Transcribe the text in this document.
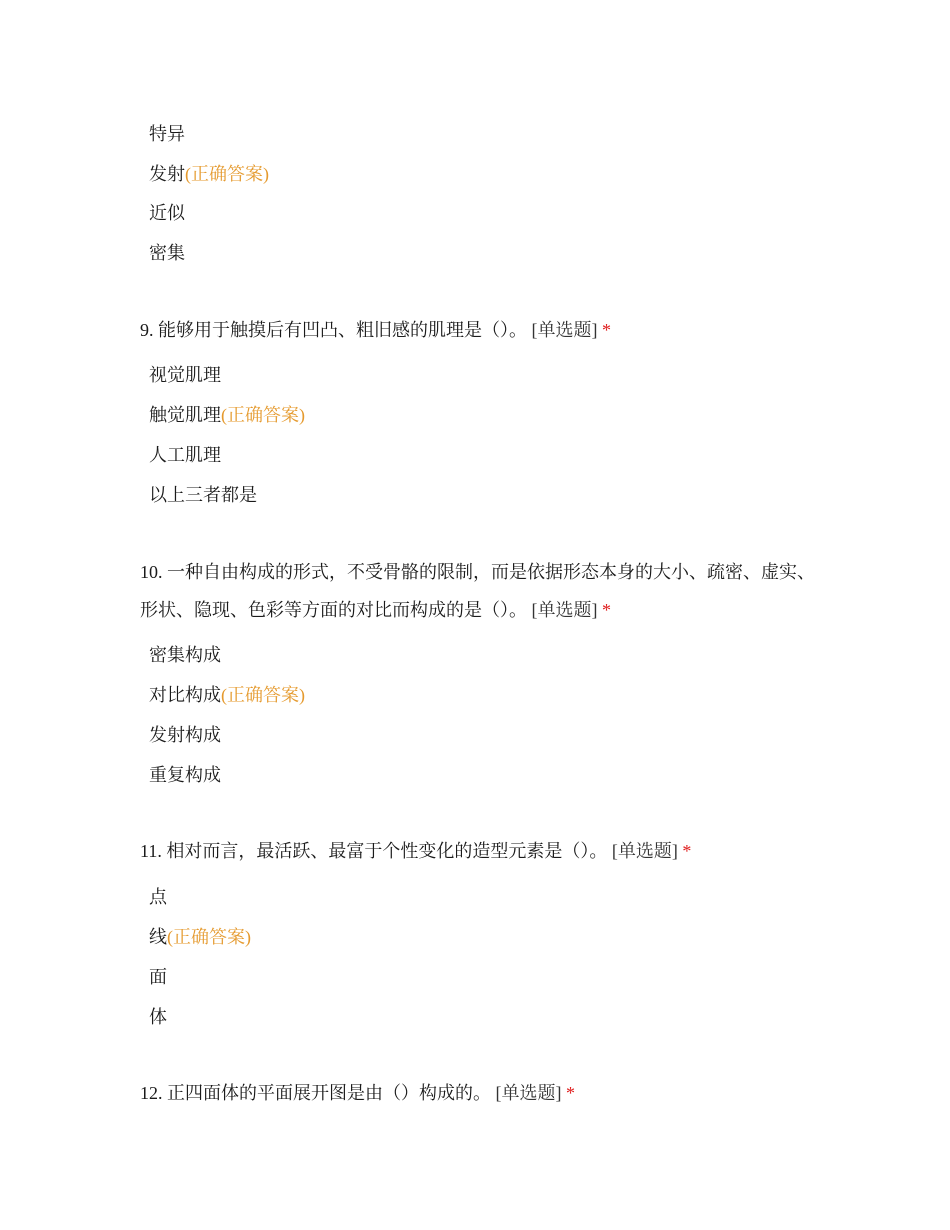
特异
发射(正确答案)
近似
密集
9. 能够用于触摸后有凹凸、粗旧感的肌理是（）。 [单选题] *
视觉肌理
触觉肌理(正确答案)
人工肌理
以上三者都是
10. 一种自由构成的形式，不受骨骼的限制，而是依据形态本身的大小、疏密、虚实、形状、隐现、色彩等方面的对比而构成的是（）。 [单选题] *
密集构成
对比构成(正确答案)
发射构成
重复构成
11. 相对而言，最活跃、最富于个性变化的造型元素是（）。 [单选题] *
点
线(正确答案)
面
体
12. 正四面体的平面展开图是由（）构成的。 [单选题] *
